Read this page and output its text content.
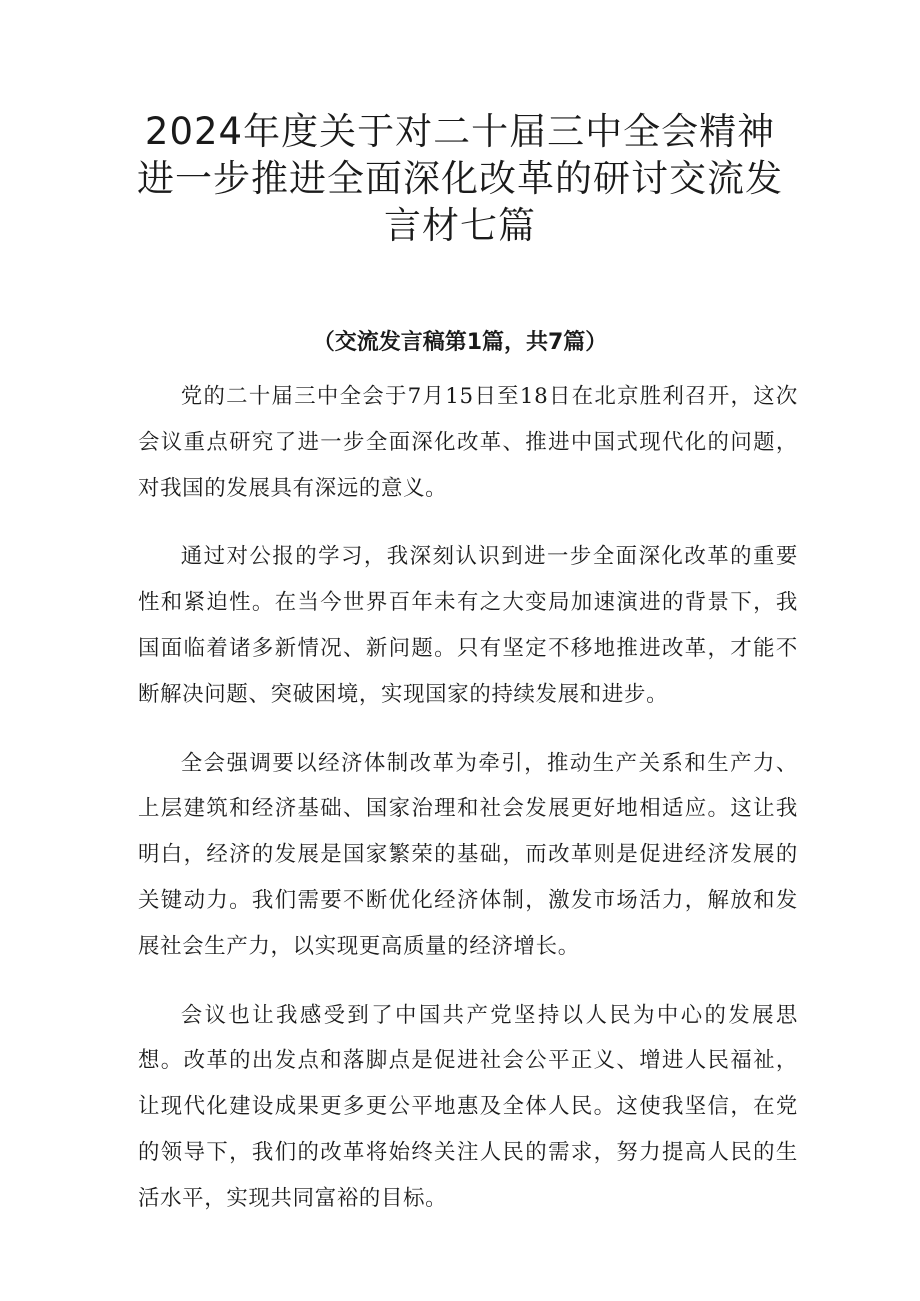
2024年度关于对二十届三中全会精神进一步推进全面深化改革的研讨交流发言材七篇
（交流发言稿第1篇，共7篇）

党的二十届三中全会于7月15日至18日在北京胜利召开，这次会议重点研究了进一步全面深化改革、推进中国式现代化的问题，对我国的发展具有深远的意义。

通过对公报的学习，我深刻认识到进一步全面深化改革的重要性和紧迫性。在当今世界百年未有之大变局加速演进的背景下，我国面临着诸多新情况、新问题。只有坚定不移地推进改革，才能不断解决问题、突破困境，实现国家的持续发展和进步。

全会强调要以经济体制改革为牵引，推动生产关系和生产力、上层建筑和经济基础、国家治理和社会发展更好地相适应。这让我明白，经济的发展是国家繁荣的基础，而改革则是促进经济发展的关键动力。我们需要不断优化经济体制，激发市场活力，解放和发展社会生产力，以实现更高质量的经济增长。

会议也让我感受到了中国共产党坚持以人民为中心的发展思想。改革的出发点和落脚点是促进社会公平正义、增进人民福祉，让现代化建设成果更多更公平地惠及全体人民。这使我坚信，在党的领导下，我们的改革将始终关注人民的需求，努力提高人民的生活水平，实现共同富裕的目标。
